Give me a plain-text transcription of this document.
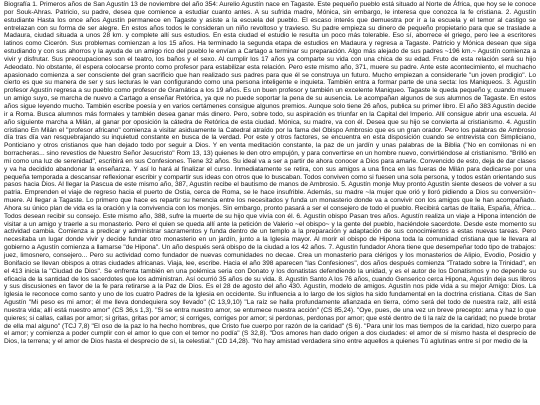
Biografía 1. Primeros años de San Agustín 13 de noviembre del año 354: Aurelio Agustín nace en Tagaste. Este pequeño pueblo está situado al Norte de África, que hoy se le conoce por Souk-Ahras. Patricio, su padre, desea que comience a estudiar cuanto antes. A su sufrida madre, Mónica, sin embargo, le interesa que conozca la fe cristiana. 2. Agustín estudiante Hasta los once años Agustín permanece en Tagaste y asiste a la escuela del pueblo. El escaso interés que demuestra por ir a la escuela y el temor al castigo se entrelazan con su forma de ser alegre. En estos años todos le consideran un niño revoltoso y travieso. Su padre empieza su dinero de pequeño propietario para que se traslade a Madaura, ciudad situada a unos 28 km. y complete allí sus estudios. En esta ciudad el estudio le resulta un poco más tolerable. Eso sí, aborrece el griego, pero lee a escritores latinos como Cicerón. Sus problemas comienzan a los 15 años. Ha terminado la segunda etapa de estudios en Madaura y regresa a Tagaste. Patricio y Mónica desean que siga estudiando y con sus ahorros y la ayuda de un amigo rico del pueblo le envían a Cartago a terminar su preparación. Algo más alejado de sus padres ~196 km.~ Agustín comienza a vivir y disfrutar. Sus preocupaciones son el teatro, los baños y el sexo. Al cumplir los 17 años ya comparte su vida con una chica de su edad. Fruto de esta relación será su hijo Adeodato. No obstante, él espera colocarse pronto como profesor para estabilizar esta relación. Pero este mismo año, 371, muere su padre. Ante este acontecimiento, el muchacho apasionado comienza a ser consciente del gran sacrificio que han realizado sus padres para que él se construya un futuro. Mucho empiezan a considerarle "un joven prodigio". Lo cierto es que su manera de ser y sus lecturas le van configurando como una persona inteligente e inquieta. También entra a formar parte de una secta: los Maniqueos. 3. Agustín profesor Agustín regresa a su pueblo como profesor de Gramática a los 19 años. Es un buen profesor y también un excelente Maniqueo. Tagaste le queda pequeño y, cuando muere un amigo suyo, se marcha de nuevo a Cartago a enseñar Retórica, ya que no puede soportar la pena de su ausencia. Le acompañan algunos de sus alumnos de Tagaste. En estos años sigue leyendo mucho. También escribe poesía y en varios certámenes consigue algunos premios. Aunque solo tiene 26 años, publica su primer libro. El año 383 Agustín decide ir a Roma. Busca alumnos más formales y también desea ganar más dinero. Pero, sobre todo, su aspiración es triunfar en la Capital del Imperio. Allí consigue abrir una escuela. Al año siguiente marcha a Milán, al ganar por oposición la cátedra de Retórica de esta ciudad. Mónica, su madre, va con él. Desea que su hijo se convierta al cristianismo. 4. Agustín cristiano En Milán el "profesor africano" comienza a visitar asiduamente la Catedral atraído por la fama del Obispo Ambrosio que es un gran orador. Pero los palabras de Ambrosio día tras día van resquebrajando su inquietud constante en busca de la verdad. Por este y otros factores, se encuentra en esta disposición cuando se entrevista con Simpliciano, Ponticiano y otros cristianos que han dejado todo por seguir a Dios. Y en venta meditación constante, la paz de un jardín y unas palabras de la Biblia ("No en comilonas ni en borracheras... sino revestíos de Nuestro Señor Jesucristo" Rom 13, 13) quienes le den otro empujón, y para convertirse en un hombre nuevo, convirtiéndose al cristianismo. "Brilló en mi como una luz de serenidad", escribirá en sus Confesiones. Tiene 32 años. Su ideal va a ser a partir de ahora conocer a Dios para amarle. Convencido de esto, deja de dar clases y va ha decidido abandonar la enseñanza. Y así lo hará al finalizar el curso. Inmediatamente se retira, con sus amigos a una finca en las fueras de Milán para dedicarse por una pequeña temporada a descansar reflexionar escribir y compartir sus ideas con otros que lo buscaban. Todos conviven como si fuesen una sola persona, y todos están orientando sus pasos hacia Dios. Al llegar la Pascua de este mismo año, 387, Agustín recibe el bautismo de manos de Ambrosio. 5. Agustín monje Muy pronto Agustín siente deseos de volver a su patria. Emprenden el viaje de regreso hacia el puerto de Ostia, cerca de Roma, se le hace insufrible. Además, su madre ~la mujer que orió y lloró pidiendo a Dios su conversión~ muere. Al llegar a Tagaste. Lo primero que hace es repartir su herencia entre los necesitados y funda un monasterio donde va a convivir con los amigos que le han acompañado. Ahora su único plan de vida es la oración y la convivencia con los monjes. Sin embargo, pronto pasará a ser el consejero de todo el pueblo. Recibirá cartas de Italia, España, África... Todos desean recibir su consejo. Este mismo año, 388, sufre la muerte de su hijo que vivía con él. 6. Agustín obispo Pasan tres años. Agustín realiza un viaje a Hipona intención de visitar a un amigo y traerle a su monasterio. Pero el quien se queda allí ante la petición de Valerio ~el obispo~ y la gente del pueblo, haciéndole sacerdote. Desde este momento su actividad cambia. Comienza a predicar y administrar sacramentos y funda dentro de un templo a la preparación y adaptación de sus conocimientos a estas nuevas tareas. Pero necesitaba un lugar donde vivir y decide fundar otro monasterio en un jardín, junto a la Iglesia mayor. Al morir el obispo de Hipona toda la comunidad cristiana que le llevara al gobierno a Agustín comienza a llamarse "de Hipona". Un año después será obispo de la ciudad a los 42 años. 7. Agustín fundador Ahora tiene que desempeñar todo tipo de trabajos: juez, limosnero, consejero... Pero su actividad como fundador de nuevas comunidades no decae. Crea un monasterio para clérigos y los monasterios de Alipio, Evodio, Posidio y Bonifacio se llevan obispos a otras ciudades africanas. Viaja, lee, escribe. Hacia el año 398 aparecen "las Confesiones", dos años después comienza "Tratado sobre la Trinidad", en el 413 inicia la "Ciudad de Dios". Se enfrenta también en una polémica seria con Donato y los donatistas defendiendo la unidad, y es el autor de los Donatismos y no depende su eficacia de la santidad de los sacerdotes que los administran. Así ocurrió 35 años de su vida. 8. Agustín Santo A los 76 años, cuando Genserico cerca Hipona, Agustín deja sus libros y sus discusiones en favor de la fe para retirarse a la Paz de Dios. Es el 28 de agosto del año 430. Agustín, modelo de amigos. Agustín nos pide vida a su mejor Amigo: Dios. La Iglesia le reconoce como santo y uno de los cuatro Padres de la Iglesia en occidente. Su influencia a lo largo de los siglos ha sido fundamental en la doctrina cristiana. Citas de San Agustín "Mi peso es mi amor; él me lleva dondequiera soy llevado" (C 13,9,10) "La raíz se halla profundamente afianzada en tierra, cómo será del todo de nuestra raíz, allí está nuestra vida; allí está nuestro amor" (CS 36,s 1,3). "Si se entra nuestro amor, se entumece nuestra acción" (CS 85,24). "Oye, pues, de una vez un breve precepto: ama y haz lo que quieres; si callas, callas por amor; si gritas, gritas por amor; si corriges, corriges por amor; si perdonas, perdonas por amor; que esté dentro de ti la raíz de la caridad; no puede brotar de ella mal alguno" (TCJ 7,8) "El oso de la paz lo ha hecho hombres, que Cristo fue cuerpo por razón de la caridad" (S 6). "Para unir los mas tiempos de la caridad, hizo cuerpo para el amor; y comienza a poder cumplir con el amor lo que con el temor no podía" (S 32,8). "Dos amores han dado origen a dos ciudades: el amor de sí mismo hasta el desprecio de Dios, la terrena; y el amor de Dios hasta el desprecio de sí, la celestial." (CD 14,28). "No hay amistad verdadera sino entre aquellos a quienes Tú aglutinas entre sí por medio de la
